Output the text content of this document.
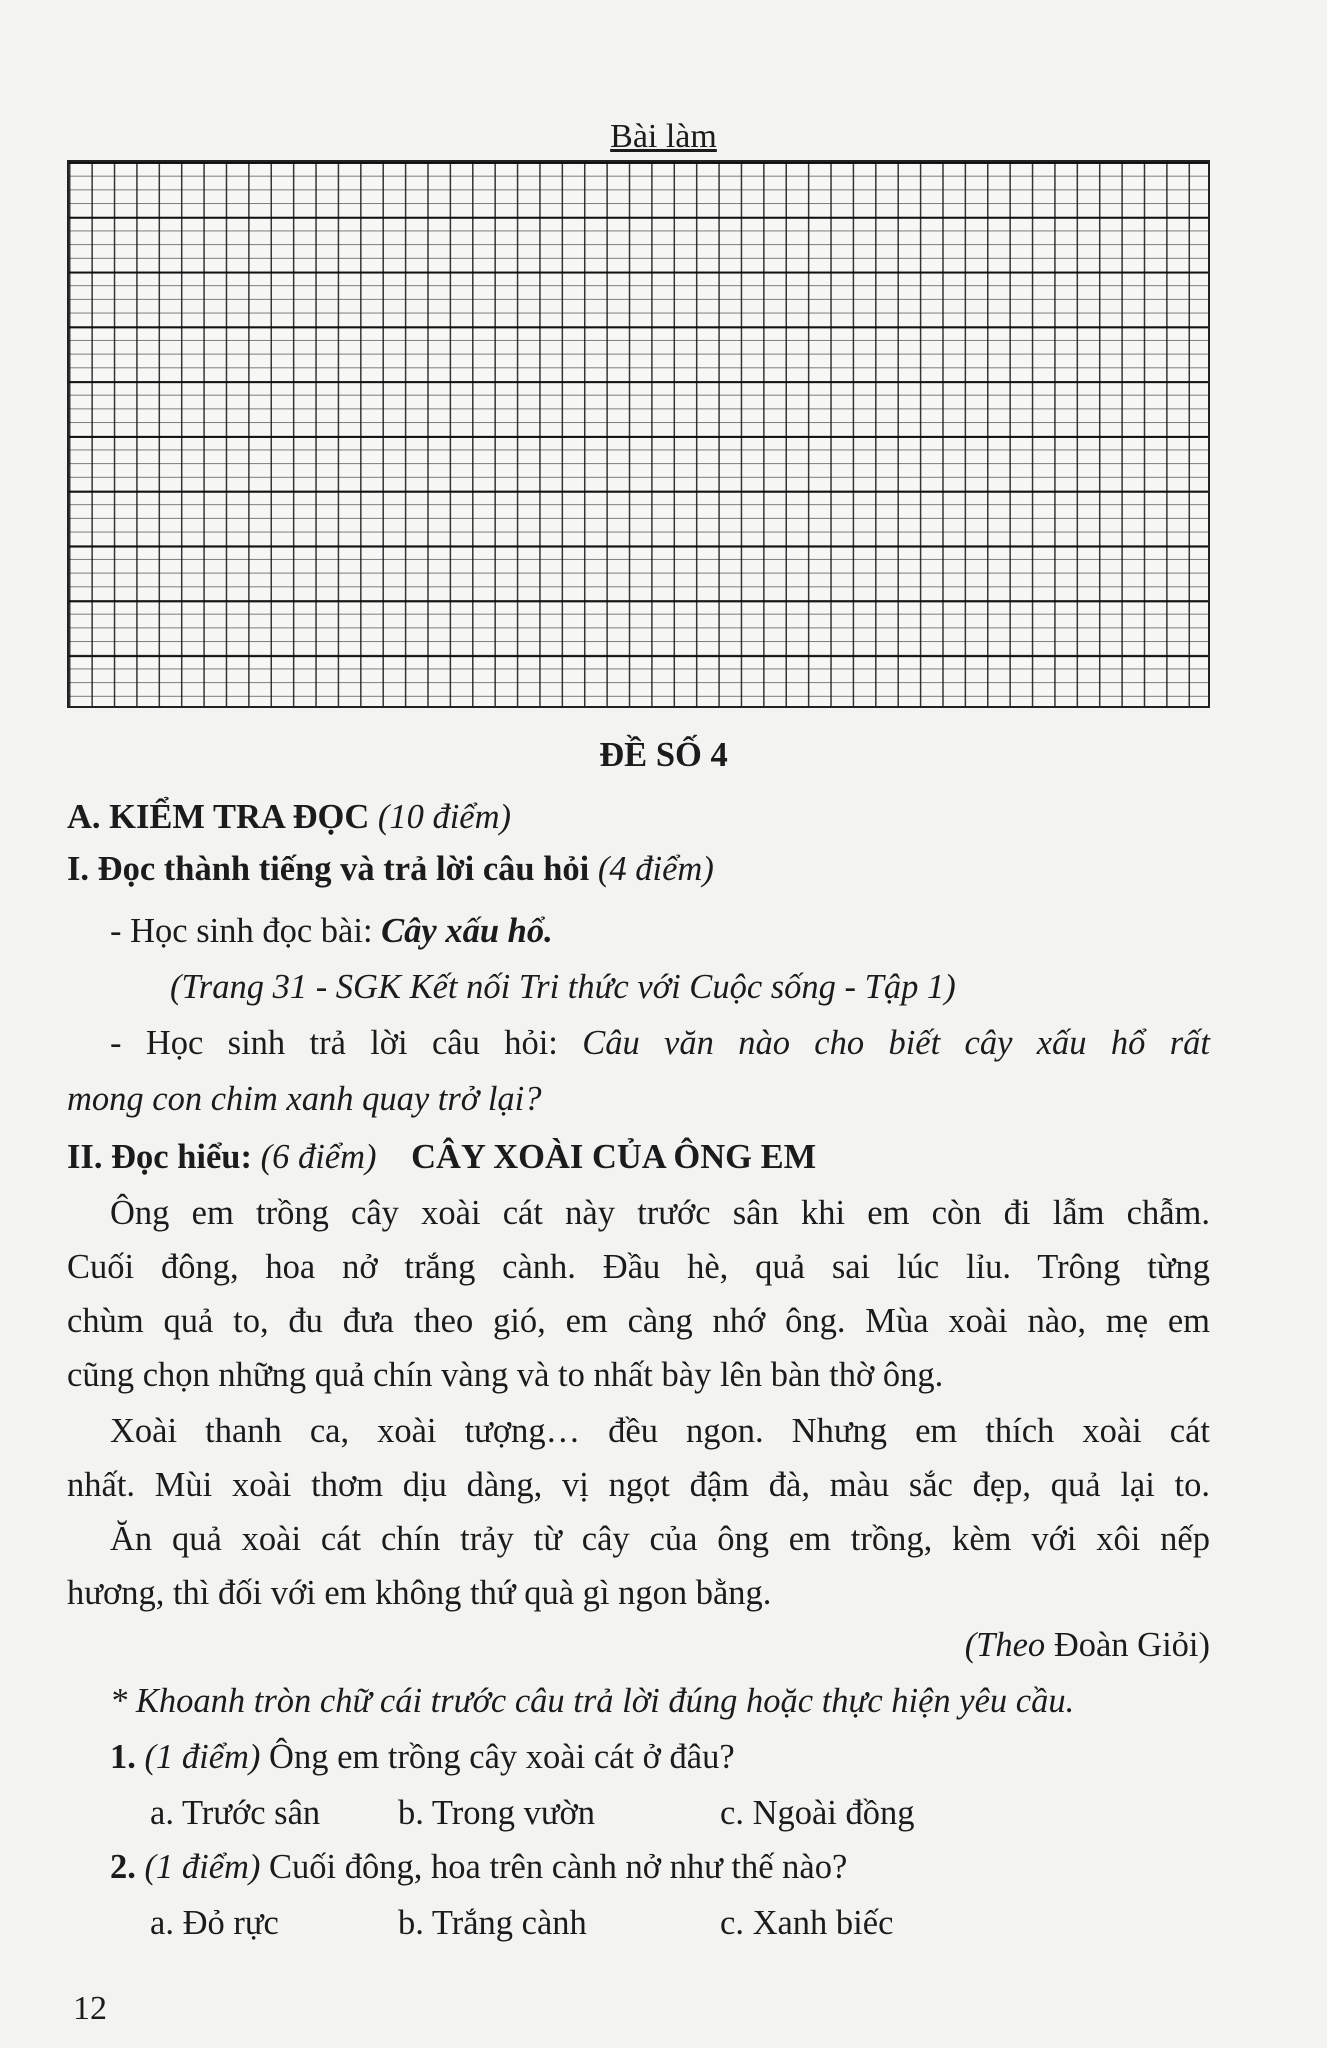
Bài làm
ĐỀ SỐ 4
A. KIỂM TRA ĐỌC (10 điểm)
I. Đọc thành tiếng và trả lời câu hỏi (4 điểm)
- Học sinh đọc bài: Cây xấu hổ.
(Trang 31 - SGK Kết nối Tri thức với Cuộc sống - Tập 1)
- Học sinh trả lời câu hỏi: Câu văn nào cho biết cây xấu hổ rất
mong con chim xanh quay trở lại?
II. Đọc hiểu: (6 điểm) CÂY XOÀI CỦA ÔNG EM
Ông em trồng cây xoài cát này trước sân khi em còn đi lẫm chẫm.
Cuối đông, hoa nở trắng cành. Đầu hè, quả sai lúc lỉu. Trông từng
chùm quả to, đu đưa theo gió, em càng nhớ ông. Mùa xoài nào, mẹ em
cũng chọn những quả chín vàng và to nhất bày lên bàn thờ ông.
Xoài thanh ca, xoài tượng… đều ngon. Nhưng em thích xoài cát
nhất. Mùi xoài thơm dịu dàng, vị ngọt đậm đà, màu sắc đẹp, quả lại to.
Ăn quả xoài cát chín trảy từ cây của ông em trồng, kèm với xôi nếp
hương, thì đối với em không thứ quà gì ngon bằng.
(Theo Đoàn Giỏi)
* Khoanh tròn chữ cái trước câu trả lời đúng hoặc thực hiện yêu cầu.
1. (1 điểm) Ông em trồng cây xoài cát ở đâu?
a. Trước sân b. Trong vườn	c. Ngoài đồng
2. (1 điểm) Cuối đông, hoa trên cành nở như thế nào?
a. Đỏ rực	b. Trắng cành	c. Xanh biếc
12
